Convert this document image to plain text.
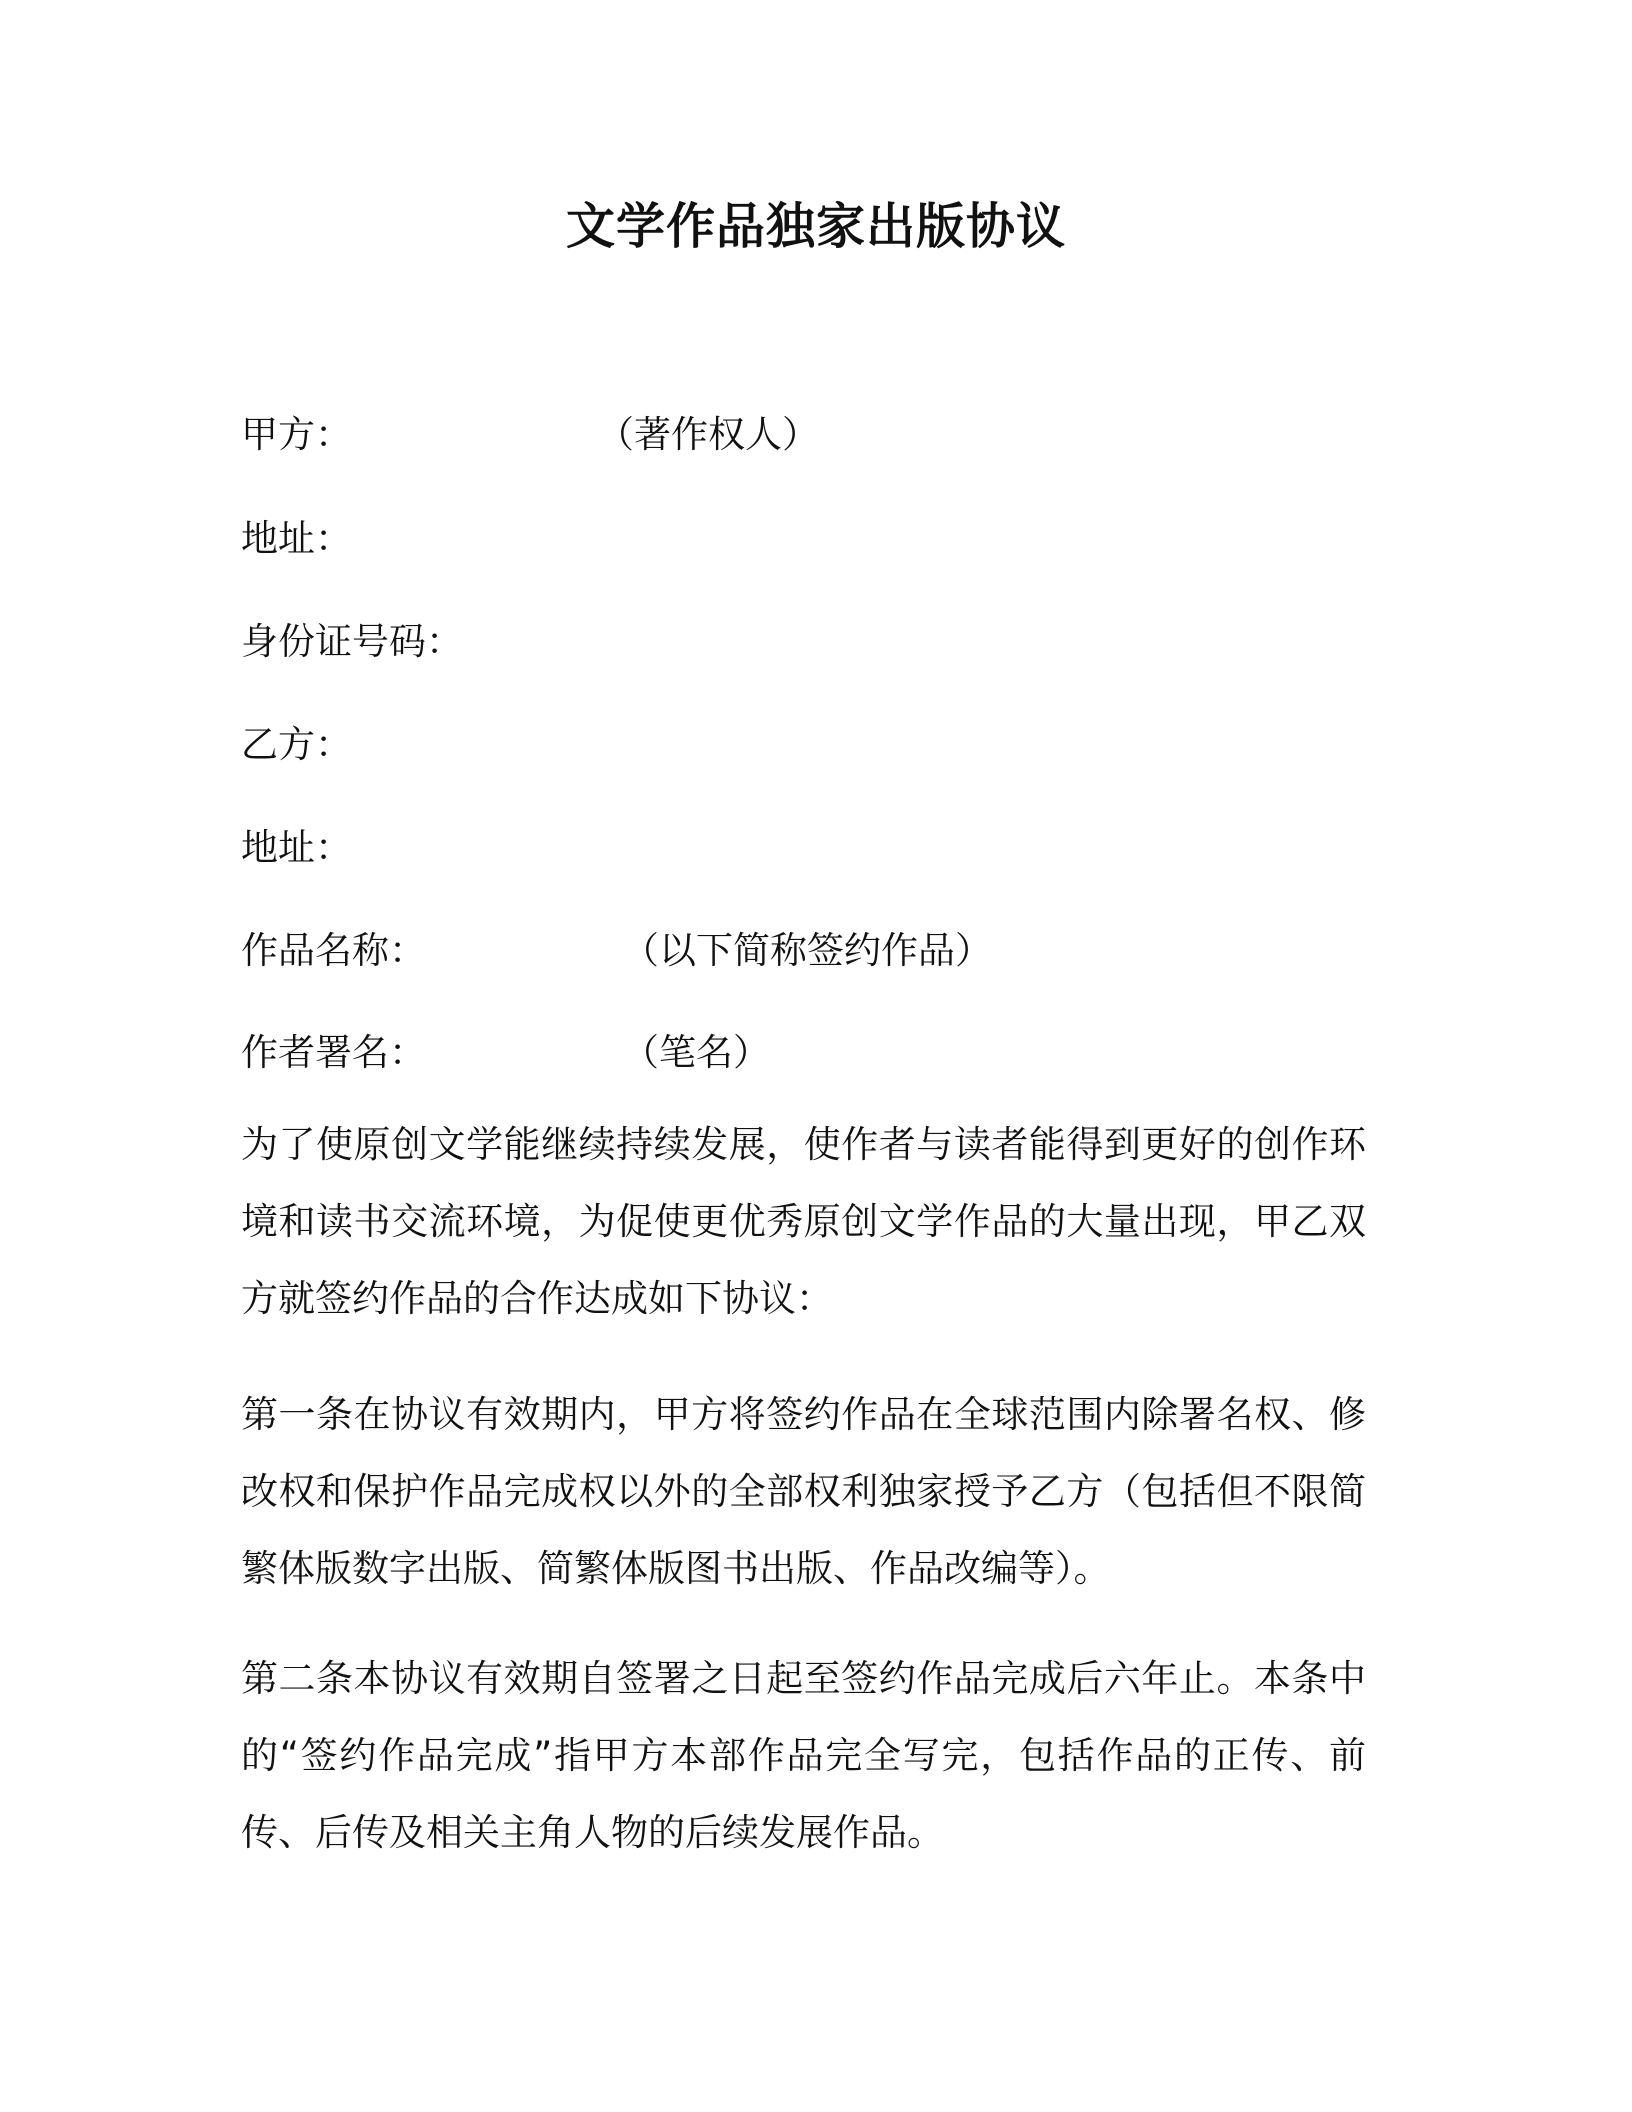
文学作品独家出版协议
甲方：	（著作权人）
地址：
身份证号码：
乙方：
地址：
作品名称：	（以下简称签约作品）
作者署名：	（笔名）

为了使原创文学能继续持续发展，使作者与读者能得到更好的创作环境和读书交流环境，为促使更优秀原创文学作品的大量出现，甲乙双方就签约作品的合作达成如下协议：

第一条在协议有效期内，甲方将签约作品在全球范围内除署名权、修改权和保护作品完成权以外的全部权利独家授予乙方（包括但不限简繁体版数字出版、简繁体版图书出版、作品改编等）。

第二条本协议有效期自签署之日起至签约作品完成后六年止。本条中的“签约作品完成”指甲方本部作品完全写完，包括作品的正传、前传、后传及相关主角人物的后续发展作品。
